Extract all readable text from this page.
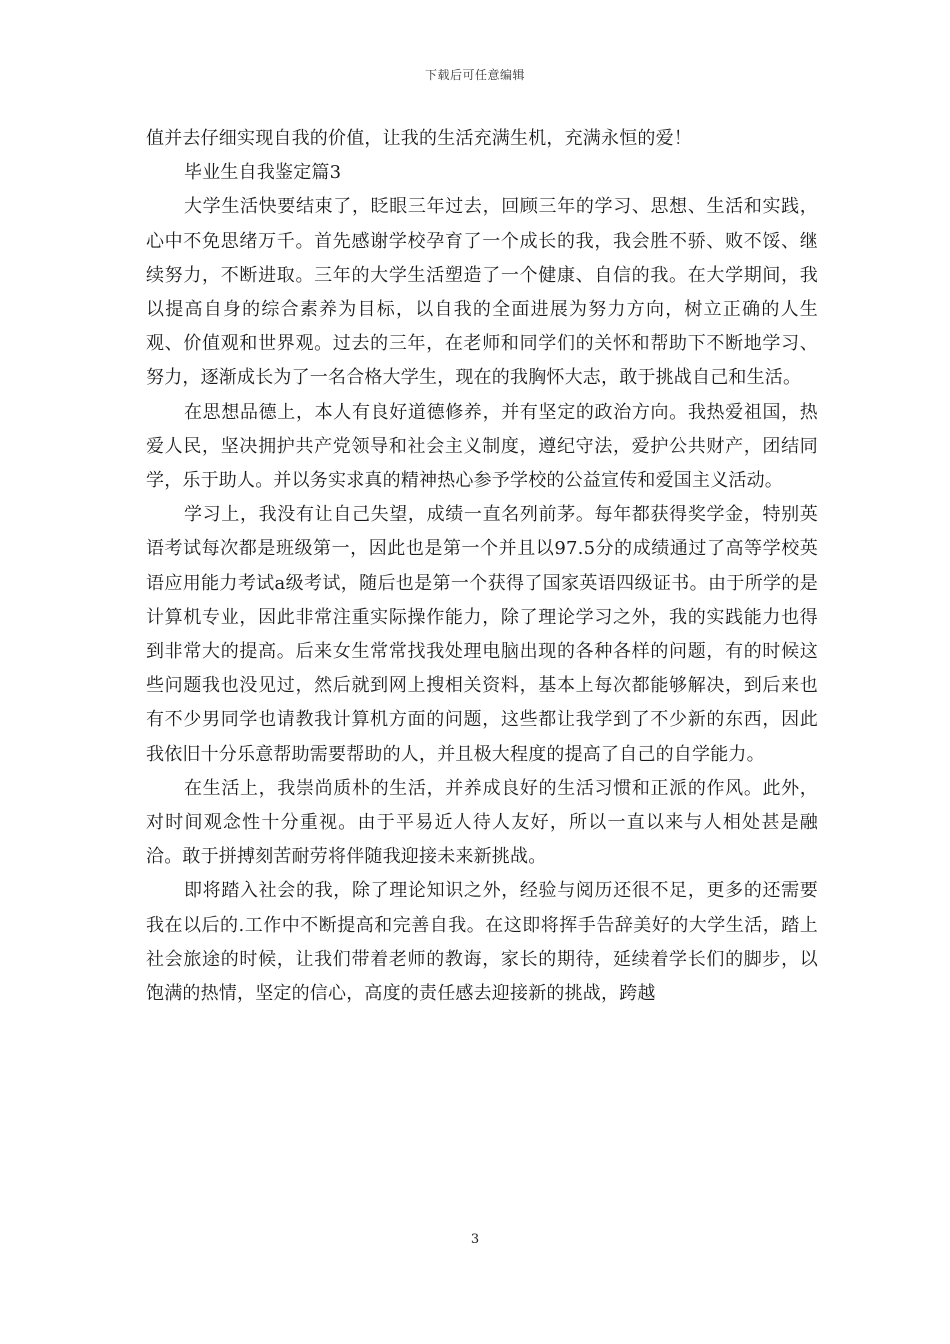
下载后可任意编辑

值并去仔细实现自我的价值，让我的生活充满生机，充满永恒的爱！

毕业生自我鉴定篇3

大学生活快要结束了，眨眼三年过去，回顾三年的学习、思想、生活和实践，心中不免思绪万千。首先感谢学校孕育了一个成长的我，我会胜不骄、败不馁、继续努力，不断进取。三年的大学生活塑造了一个健康、自信的我。在大学期间，我以提高自身的综合素养为目标，以自我的全面进展为努力方向，树立正确的人生观、价值观和世界观。过去的三年，在老师和同学们的关怀和帮助下不断地学习、努力，逐渐成长为了一名合格大学生，现在的我胸怀大志，敢于挑战自己和生活。

在思想品德上，本人有良好道德修养，并有坚定的政治方向。我热爱祖国，热爱人民，坚决拥护共产党领导和社会主义制度，遵纪守法，爱护公共财产，团结同学，乐于助人。并以务实求真的精神热心参予学校的公益宣传和爱国主义活动。

学习上，我没有让自己失望，成绩一直名列前茅。每年都获得奖学金，特别英语考试每次都是班级第一，因此也是第一个并且以97.5分的成绩通过了高等学校英语应用能力考试a级考试，随后也是第一个获得了国家英语四级证书。由于所学的是计算机专业，因此非常注重实际操作能力，除了理论学习之外，我的实践能力也得到非常大的提高。后来女生常常找我处理电脑出现的各种各样的问题，有的时候这些问题我也没见过，然后就到网上搜相关资料，基本上每次都能够解决，到后来也有不少男同学也请教我计算机方面的问题，这些都让我学到了不少新的东西，因此我依旧十分乐意帮助需要帮助的人，并且极大程度的提高了自己的自学能力。

在生活上，我崇尚质朴的生活，并养成良好的生活习惯和正派的作风。此外，对时间观念性十分重视。由于平易近人待人友好，所以一直以来与人相处甚是融洽。敢于拼搏刻苦耐劳将伴随我迎接未来新挑战。

即将踏入社会的我，除了理论知识之外，经验与阅历还很不足，更多的还需要我在以后的.工作中不断提高和完善自我。在这即将挥手告辞美好的大学生活，踏上社会旅途的时候，让我们带着老师的教诲，家长的期待，延续着学长们的脚步，以饱满的热情，坚定的信心，高度的责任感去迎接新的挑战，跨越

3
